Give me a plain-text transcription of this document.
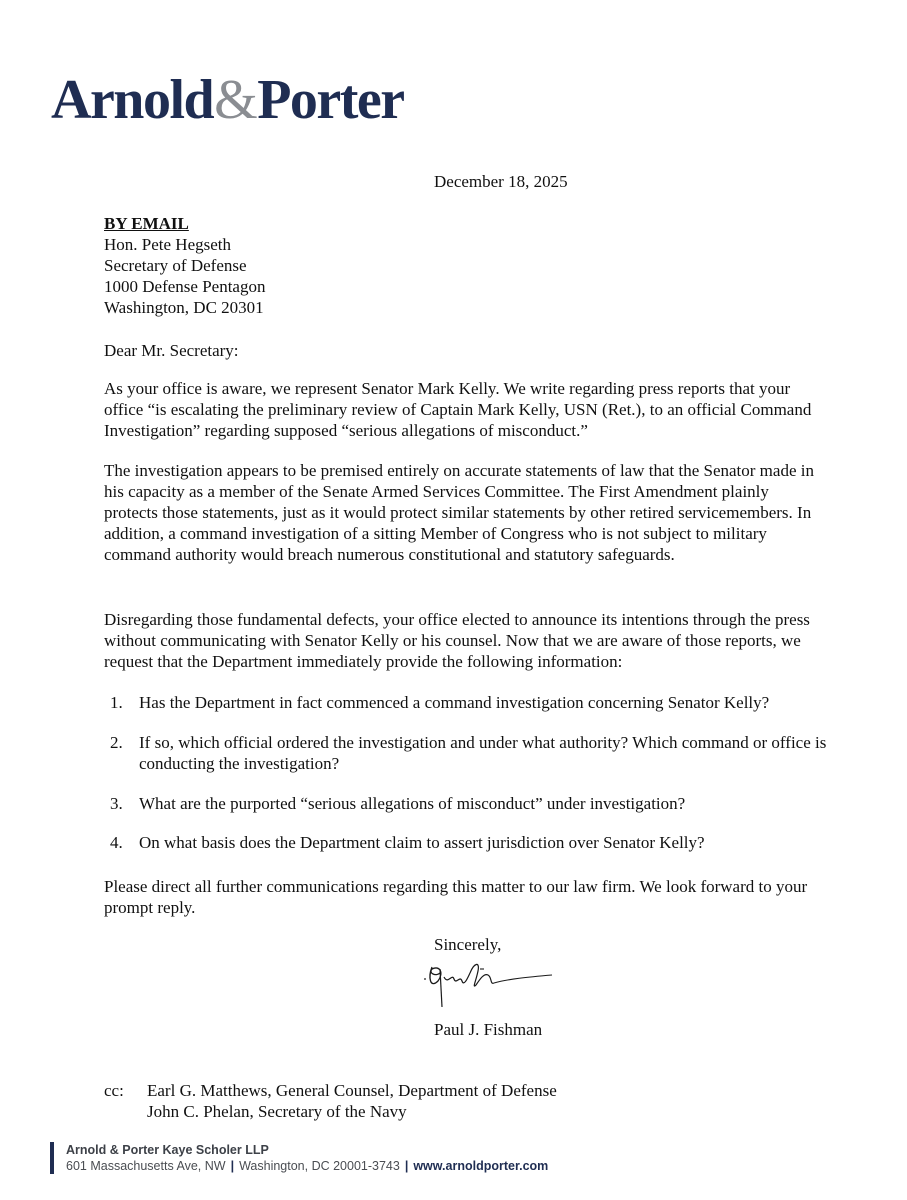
Arnold&Porter
December 18, 2025
BY EMAIL
Hon. Pete Hegseth
Secretary of Defense
1000 Defense Pentagon
Washington, DC 20301
Dear Mr. Secretary:

As your office is aware, we represent Senator Mark Kelly. We write regarding press reports that your office “is escalating the preliminary review of Captain Mark Kelly, USN (Ret.), to an official Command Investigation” regarding supposed “serious allegations of misconduct.”

The investigation appears to be premised entirely on accurate statements of law that the Senator made in his capacity as a member of the Senate Armed Services Committee. The First Amendment plainly protects those statements, just as it would protect similar statements by other retired servicemembers. In addition, a command investigation of a sitting Member of Congress who is not subject to military command authority would breach numerous constitutional and statutory safeguards.

Disregarding those fundamental defects, your office elected to announce its intentions through the press without communicating with Senator Kelly or his counsel. Now that we are aware of those reports, we request that the Department immediately provide the following information:

1. Has the Department in fact commenced a command investigation concerning Senator Kelly?
2. If so, which official ordered the investigation and under what authority? Which command or office is conducting the investigation?
3. What are the purported “serious allegations of misconduct” under investigation?
4. On what basis does the Department claim to assert jurisdiction over Senator Kelly?

Please direct all further communications regarding this matter to our law firm. We look forward to your prompt reply.

Sincerely,
Paul J. Fishman
cc: Earl G. Matthews, General Counsel, Department of Defense
John C. Phelan, Secretary of the Navy
Arnold & Porter Kaye Scholer LLP
601 Massachusetts Ave, NW | Washington, DC 20001-3743 | www.arnoldporter.com
